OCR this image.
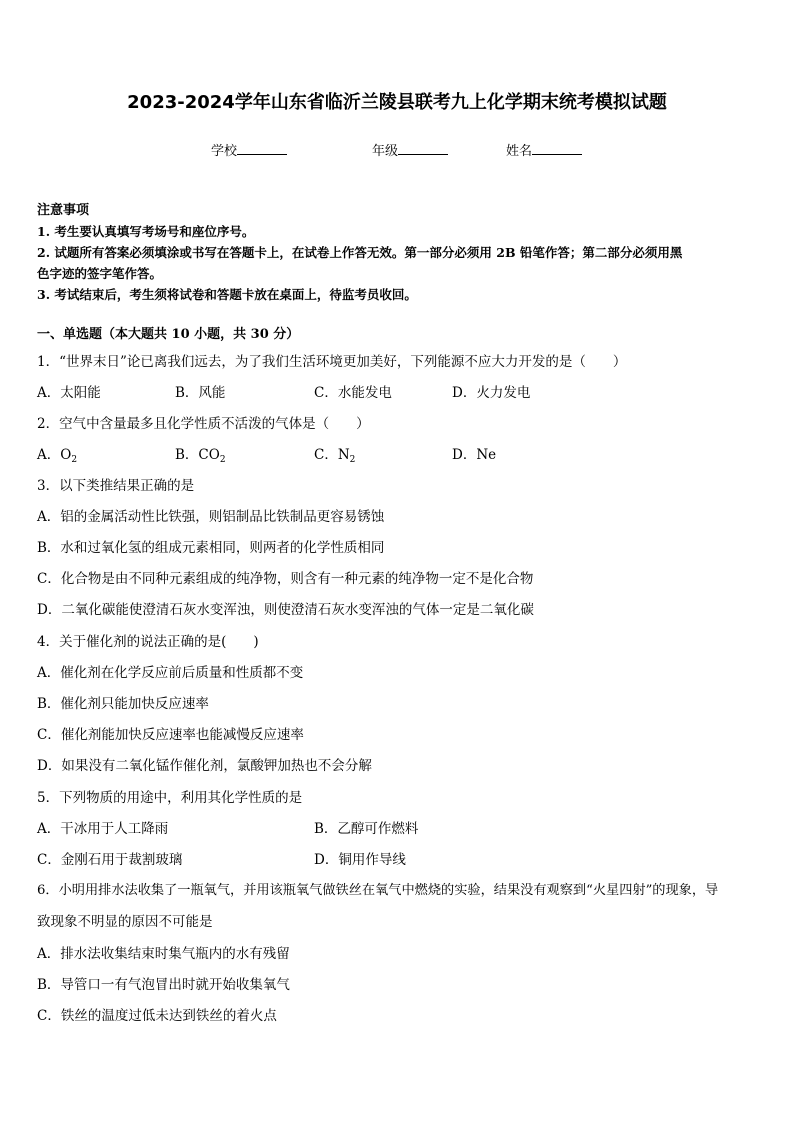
2023-2024学年山东省临沂兰陵县联考九上化学期末统考模拟试题
学校	年级	姓名
注意事项
1. 考生要认真填写考场号和座位序号。
2. 试题所有答案必须填涂或书写在答题卡上，在试卷上作答无效。第一部分必须用 2B 铅笔作答；第二部分必须用黑
色字迹的签字笔作答。
3. 考试结束后，考生须将试卷和答题卡放在桌面上，待监考员收回。
一、单选题（本大题共 10 小题，共 30 分）
1．“世界末日”论已离我们远去，为了我们生活环境更加美好，下列能源不应大力开发的是（　　）
A．太阳能	B．风能	C．水能发电	D．火力发电
2．空气中含量最多且化学性质不活泼的气体是（　　）
A．$O_2$	B．$CO_2$	C．$N_2$	D．Ne
3．以下类推结果正确的是
A．铝的金属活动性比铁强，则铝制品比铁制品更容易锈蚀
B．水和过氧化氢的组成元素相同，则两者的化学性质相同
C．化合物是由不同种元素组成的纯净物，则含有一种元素的纯净物一定不是化合物
D．二氧化碳能使澄清石灰水变浑浊，则使澄清石灰水变浑浊的气体一定是二氧化碳
4．关于催化剂的说法正确的是(　　)
A．催化剂在化学反应前后质量和性质都不变
B．催化剂只能加快反应速率
C．催化剂能加快反应速率也能减慢反应速率
D．如果没有二氧化锰作催化剂，氯酸钾加热也不会分解
5．下列物质的用途中，利用其化学性质的是
A．干冰用于人工降雨	B．乙醇可作燃料
C．金刚石用于裁割玻璃	D．铜用作导线
6．小明用排水法收集了一瓶氧气，并用该瓶氧气做铁丝在氧气中燃烧的实验，结果没有观察到“火星四射”的现象，导
致现象不明显的原因不可能是
A．排水法收集结束时集气瓶内的水有残留
B．导管口一有气泡冒出时就开始收集氧气
C．铁丝的温度过低未达到铁丝的着火点
